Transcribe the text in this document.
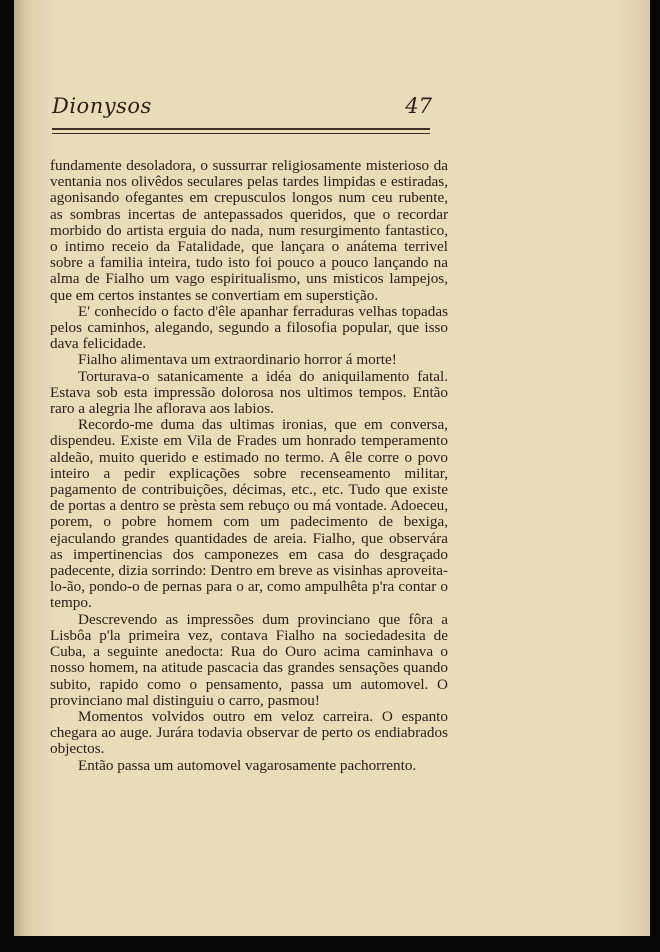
Dionysos	47

fundamente desoladora, o sussurrar religiosamente misterioso da ventania nos olivêdos seculares pelas tardes limpidas e estiradas, agonisando ofegantes em crepusculos longos num ceu rubente, as sombras incertas de antepassados queridos, que o recordar morbido do artista erguia do nada, num resurgimento fantastico, o intimo receio da Fatalidade, que lançara o anátema terrivel sobre a familia inteira, tudo isto foi pouco a pouco lançando na alma de Fialho um vago espiritualismo, uns misticos lampejos, que em certos instantes se convertiam em superstição.

E' conhecido o facto d'êle apanhar ferraduras velhas topadas pelos caminhos, alegando, segundo a filosofia popular, que isso dava felicidade.

Fialho alimentava um extraordinario horror á morte!

Torturava-o satanicamente a idéa do aniquilamento fatal. Estava sob esta impressão dolorosa nos ultimos tempos. Então raro a alegria lhe aflorava aos labios.

Recordo-me duma das ultimas ironias, que em conversa, dispendeu. Existe em Vila de Frades um honrado temperamento aldeão, muito querido e estimado no termo. A êle corre o povo inteiro a pedir explicações sobre recenseamento militar, pagamento de contribuições, décimas, etc., etc. Tudo que existe de portas a dentro se prèsta sem rebuço ou má vontade. Adoeceu, porem, o pobre homem com um padecimento de bexiga, ejaculando grandes quantidades de areia. Fialho, que observára as impertinencias dos camponezes em casa do desgraçado padecente, dizia sorrindo: Dentro em breve as visinhas aproveita-lo-ão, pondo-o de pernas para o ar, como ampulhêta p'ra contar o tempo.

Descrevendo as impressões dum provinciano que fôra a Lisbôa p'la primeira vez, contava Fialho na sociedadesita de Cuba, a seguinte anedocta: Rua do Ouro acima caminhava o nosso homem, na atitude pascacia das grandes sensações quando subito, rapido como o pensamento, passa um automovel. O provinciano mal distinguiu o carro, pasmou!

Momentos volvidos outro em veloz carreira. O espanto chegara ao auge. Jurára todavia observar de perto os endiabrados objectos.

Então passa um automovel vagarosamente pachorrento.
